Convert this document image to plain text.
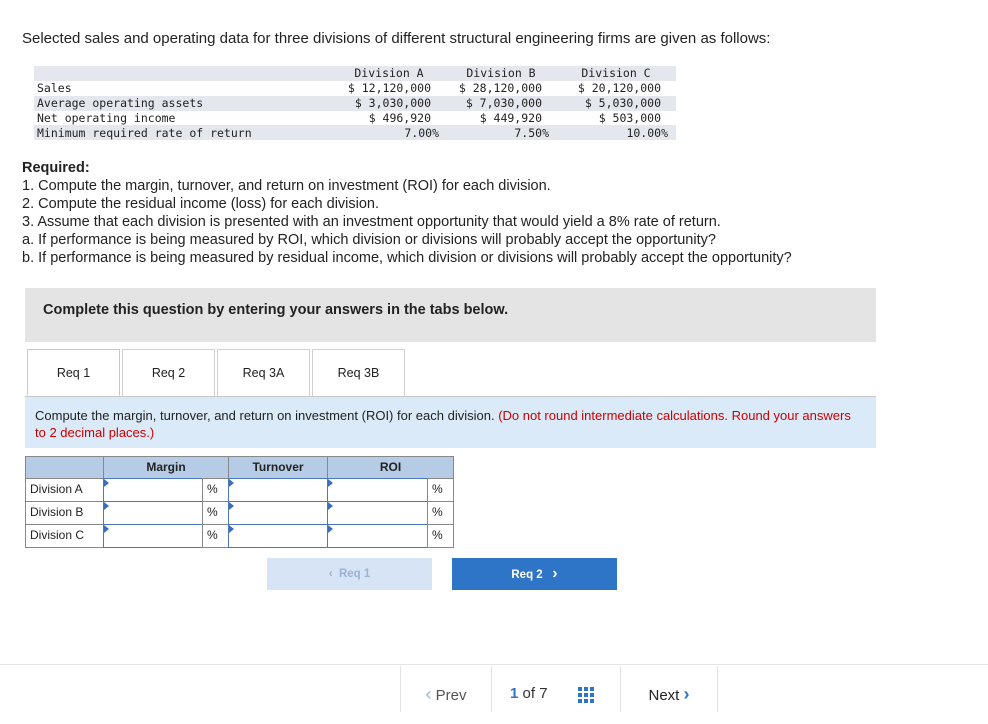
Selected sales and operating data for three divisions of different structural engineering firms are given as follows:
Division A	Division B	Division C
Sales	$ 12,120,000 $ 28,120,000	$ 20,120,000
Average operating assets	$ 3,030,000	$ 7,030,000	$ 5,030,000
Net operating income	$ 496,920	$ 449,920	$ 503,000
Minimum required rate of return	7.00%	7.50%	10.00%
Required:
1. Compute the margin, turnover, and return on investment (ROI) for each division.
2. Compute the residual income (loss) for each division.
3. Assume that each division is presented with an investment opportunity that would yield a 8% rate of return.
a. If performance is being measured by ROI, which division or divisions will probably accept the opportunity?
b. If performance is being measured by residual income, which division or divisions will probably accept the opportunity?
Complete this question by entering your answers in the tabs below.
Req 1	Req 2	Req 3A	Req 3B

Compute the margin, turnover, and return on investment (ROI) for each division. (Do not round intermediate calculations. Round your answers to 2 decimal places.)

Margin	Turnover	ROI
Division A	%	%
Division B	%	%
Division C	%	%
‹ Req 1	Req 2 ›
‹ Prev	1 of 7	Next ›
